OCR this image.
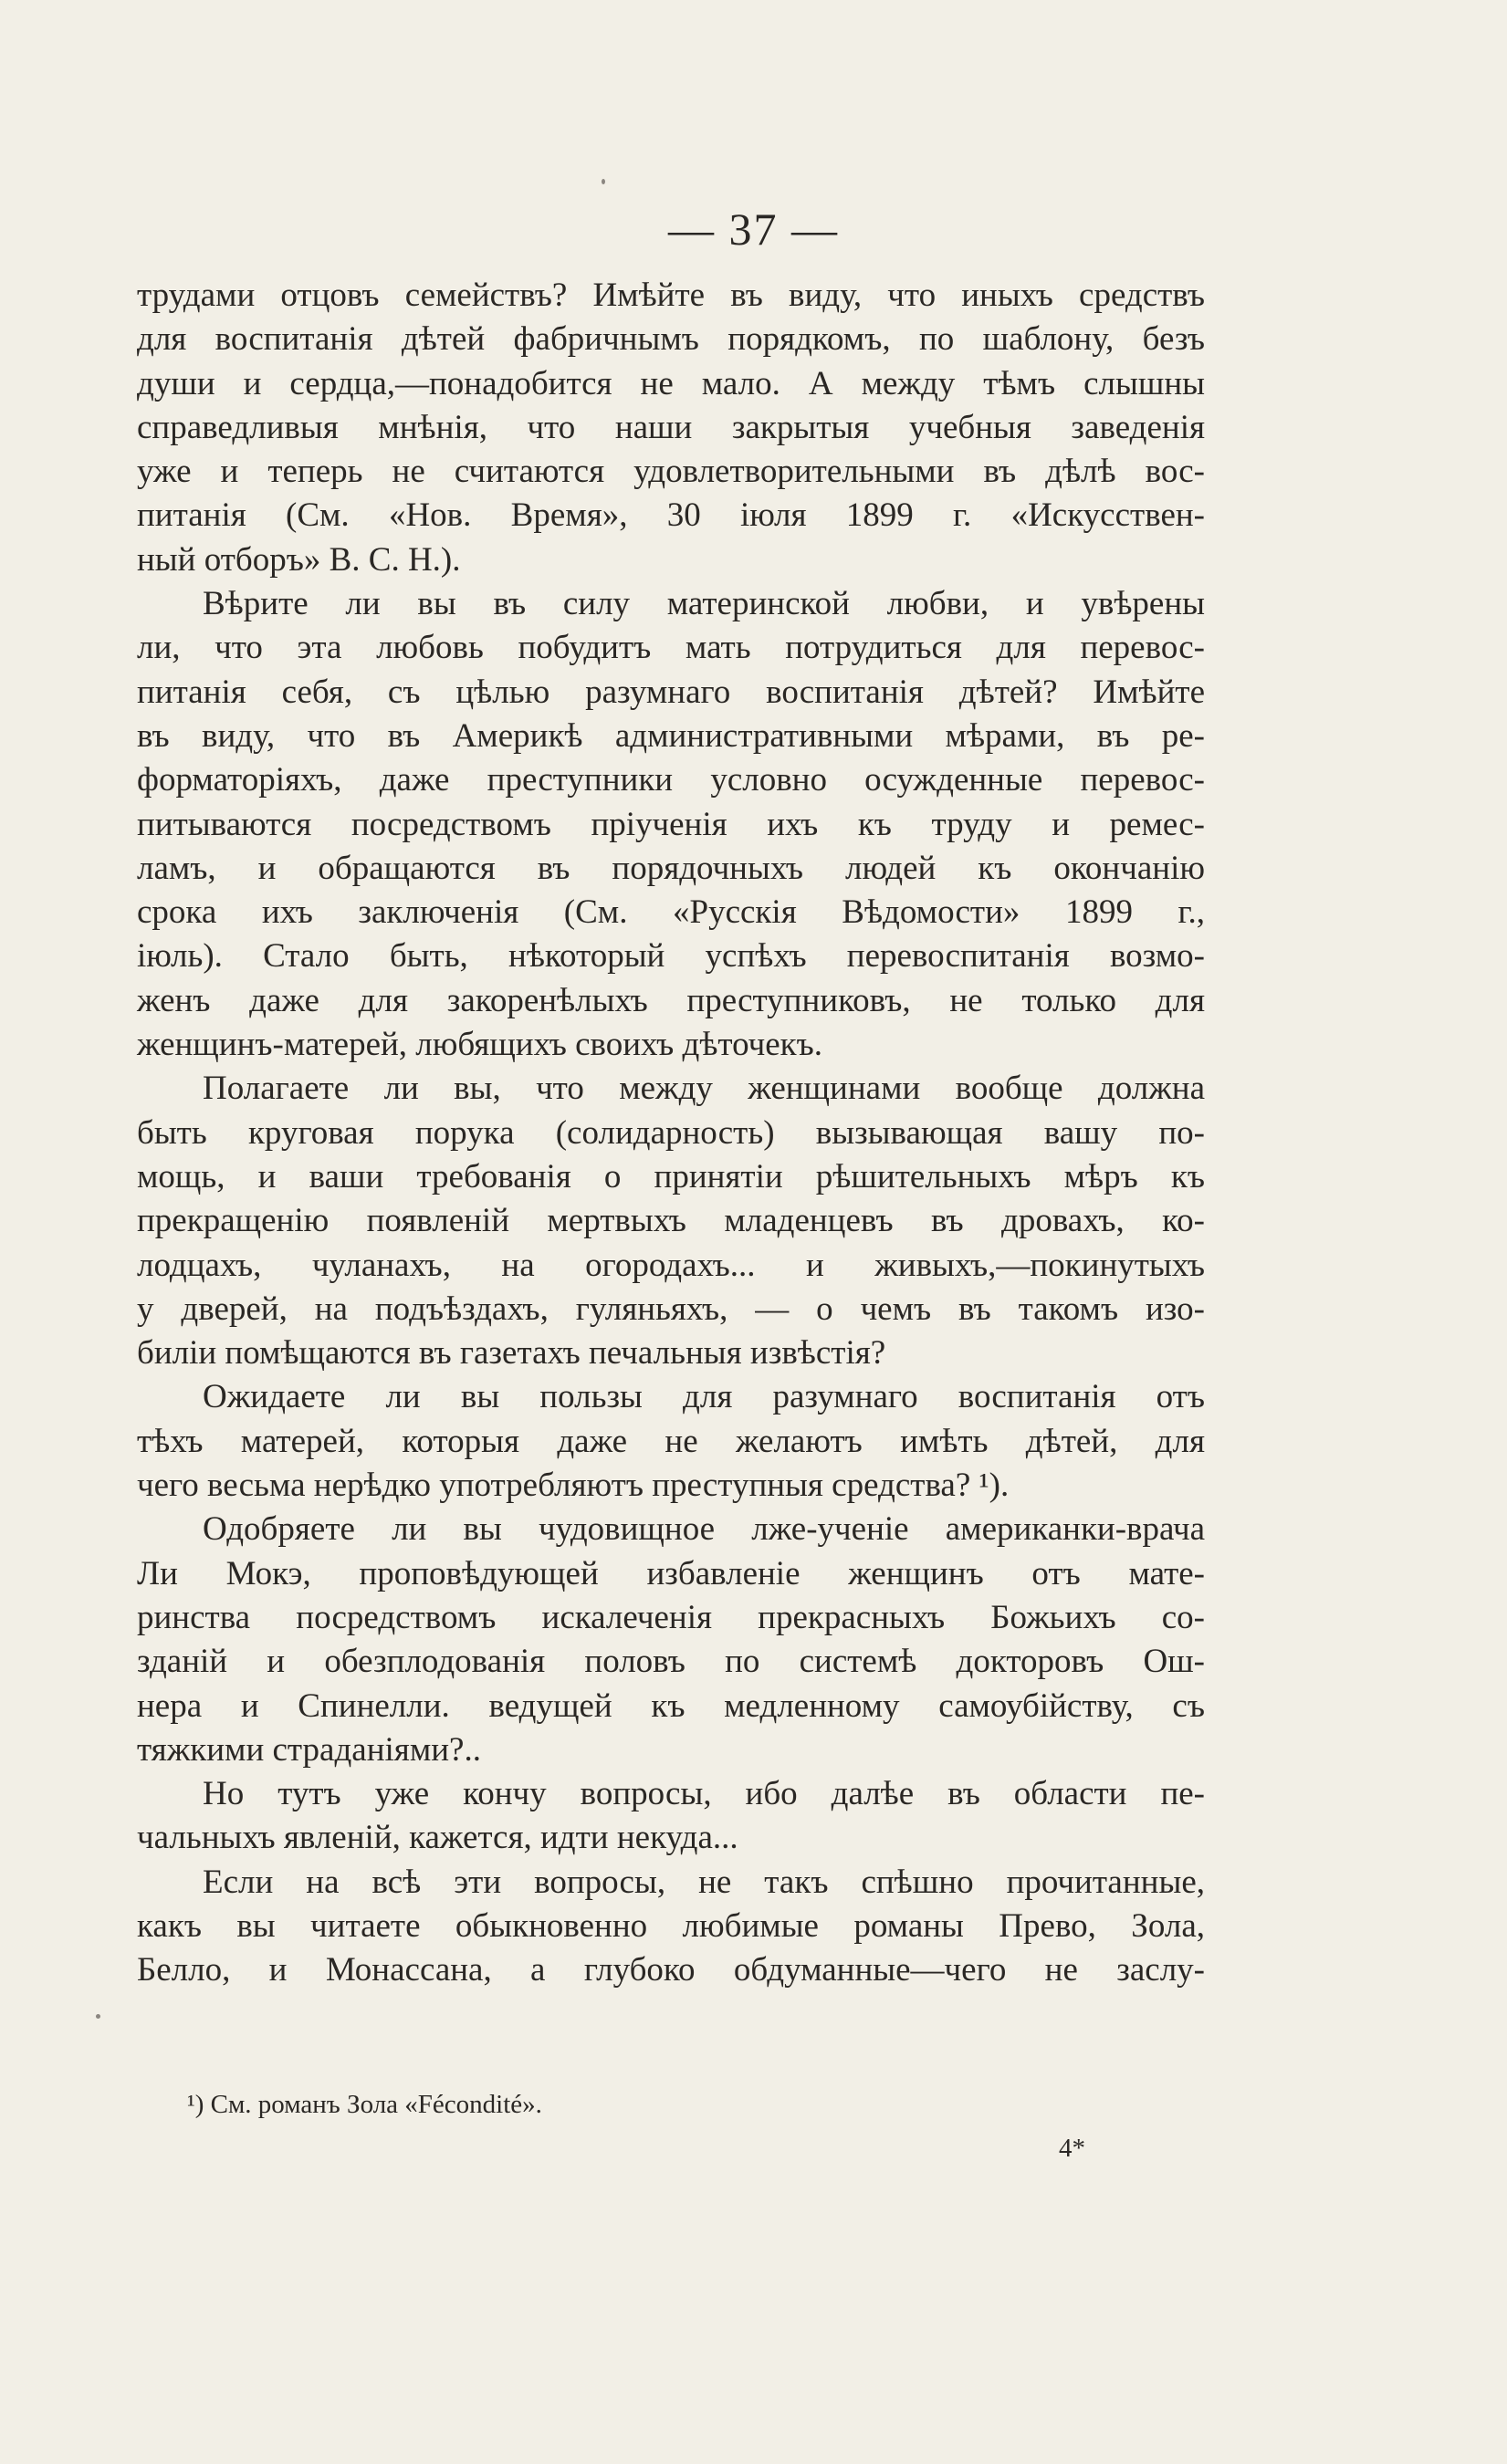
— 37 —
трудами отцовъ семействъ? Имѣйте въ виду, что иныхъ средствъ
для воспитанія дѣтей фабричнымъ порядкомъ, по шаблону, безъ
души и сердца,—понадобится не мало. А между тѣмъ слышны
справедливыя мнѣнія, что наши закрытыя учебныя заведенія
уже и теперь не считаются удовлетворительными въ дѣлѣ вос-
питанія (См. «Нов. Время», 30 іюля 1899 г. «Искусствен-
ный отборъ» В. С. Н.).
Вѣрите ли вы въ силу материнской любви, и увѣрены
ли, что эта любовь побудитъ мать потрудиться для перевос-
питанія себя, съ цѣлью разумнаго воспитанія дѣтей? Имѣйте
въ виду, что въ Америкѣ административными мѣрами, въ ре-
форматоріяхъ, даже преступники условно осужденные перевос-
питываются посредствомъ пріученія ихъ къ труду и ремес-
ламъ, и обращаются въ порядочныхъ людей къ окончанію
срока ихъ заключенія (См. «Русскія Вѣдомости» 1899 г.,
іюль). Стало быть, нѣкоторый успѣхъ перевоспитанія возмо-
женъ даже для закоренѣлыхъ преступниковъ, не только для
женщинъ-матерей, любящихъ своихъ дѣточекъ.
Полагаете ли вы, что между женщинами вообще должна
быть круговая порука (солидарность) вызывающая вашу по-
мощь, и ваши требованія о принятіи рѣшительныхъ мѣръ къ
прекращенію появленій мертвыхъ младенцевъ въ дровахъ, ко-
лодцахъ, чуланахъ, на огородахъ... и живыхъ,—покинутыхъ
у дверей, на подъѣздахъ, гуляньяхъ, — о чемъ въ такомъ изо-
биліи помѣщаются въ газетахъ печальныя извѣстія?
Ожидаете ли вы пользы для разумнаго воспитанія отъ
тѣхъ матерей, которыя даже не желаютъ имѣть дѣтей, для
чего весьма нерѣдко употребляютъ преступныя средства? ¹).
Одобряете ли вы чудовищное лже-ученіе американки-врача
Ли Мокэ, проповѣдующей избавленіе женщинъ отъ мате-
ринства посредствомъ искалеченія прекрасныхъ Божьихъ со-
зданій и обезплодованія половъ по системѣ докторовъ Ош-
нера и Спинелли. ведущей къ медленному самоубійству, съ
тяжкими страданіями?..
Но тутъ уже кончу вопросы, ибо далѣе въ области пе-
чальныхъ явленій, кажется, идти некуда...
Если на всѣ эти вопросы, не такъ спѣшно прочитанные,
какъ вы читаете обыкновенно любимые романы Прево, Зола,
Белло, и Монассана, а глубоко обдуманные—чего не заслу-
¹) См. романъ Зола «Fécondité».
4*
